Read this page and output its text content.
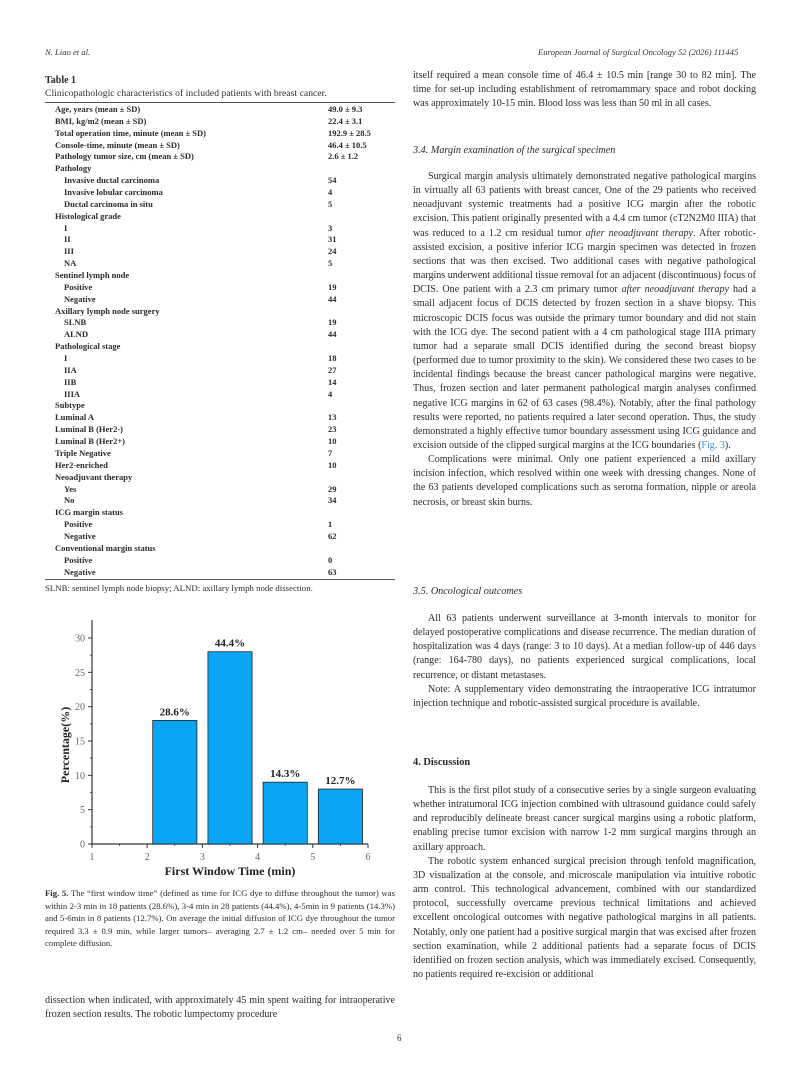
N. Liao et al.	European Journal of Surgical Oncology 52 (2026) 111445
Table 1
Clinicopathologic characteristics of included patients with breast cancer.
Age, years (mean ± SD)	49.0 ± 9.3
BMI, kg/m2 (mean ± SD)	22.4 ± 3.1
Total operation time, minute (mean ± SD)	192.9 ± 28.5
Console-time, minute (mean ± SD)	46.4 ± 10.5
Pathology tumor size, cm (mean ± SD)	2.6 ± 1.2
Pathology
Invasive ductal carcinoma	54
Invasive lobular carcinoma	4
Ductal carcinoma in situ	5
Histological grade
I	3
II	31
III	24
NA	5
Sentinel lymph node
Positive	19
Negative	44
Axillary lymph node surgery
SLNB	19
ALND	44
Pathological stage
I	18
IIA	27
IIB	14
IIIA	4
Subtype
Luminal A	13
Luminal B (Her2-)	23
Luminal B (Her2+)	10
Triple Negative	7
Her2-enriched	10
Neoadjuvant therapy
Yes	29
No	34
ICG margin status
Positive	1
Negative	62
Conventional margin status
Positive	0
Negative	63
SLNB: sentinel lymph node biopsy; ALND: axillary lymph node dissection.
0
5
10
15
20
25
30
1	2	3	4	5	6
28.6%
44.4%
14.3%
12.7%
First Window Time (min)
Percentage(%)
Fig. 5. The “first window time” (defined as time for ICG dye to diffuse throughout the tumor) was within 2-3 min in 18 patients (28.6%), 3-4 min in 28 patients (44.4%), 4-5min in 9 patients (14.3%) and 5-6min in 8 patients (12.7%). On average the initial diffusion of ICG dye throughout the tumor required 3.3 ± 0.9 min, while larger tumors– averaging 2.7 ± 1.2 cm– needed over 5 min for complete diffusion.

dissection when indicated, with approximately 45 min spent waiting for intraoperative frozen section results. The robotic lumpectomy procedure

itself required a mean console time of 46.4 ± 10.5 min [range 30 to 82 min]. The time for set-up including establishment of retromammary space and robot docking was approximately 10-15 min. Blood loss was less than 50 ml in all cases.

3.4. Margin examination of the surgical specimen

Surgical margin analysis ultimately demonstrated negative pathological margins in virtually all 63 patients with breast cancer, One of the 29 patients who received neoadjuvant systemic treatments had a positive ICG margin after the robotic excision. This patient originally presented with a 4.4 cm tumor (cT2N2M0 IIIA) that was reduced to a 1.2 cm residual tumor after neoadjuvant therapy. After robotic-assisted excision, a positive inferior ICG margin specimen was detected in frozen sections that was then excised. Two additional cases with negative pathological margins underwent additional tissue removal for an adjacent (discontinuous) focus of DCIS. One patient with a 2.3 cm primary tumor after neoadjuvant therapy had a small adjacent focus of DCIS detected by frozen section in a shave biopsy. This microscopic DCIS focus was outside the primary tumor boundary and did not stain with the ICG dye. The second patient with a 4 cm pathological stage IIIA primary tumor had a separate small DCIS identified during the second breast biopsy (performed due to tumor proximity to the skin). We considered these two cases to be incidental findings because the breast cancer pathological margins were negative. Thus, frozen section and later permanent pathological margin analyses confirmed negative ICG margins in 62 of 63 cases (98.4%). Notably, after the final pathology results were reported, no patients required a later second operation. Thus, the study demonstrated a highly effective tumor boundary assessment using ICG guidance and excision outside of the clipped surgical margins at the ICG boundaries (Fig. 3).

Complications were minimal. Only one patient experienced a mild axillary incision infection, which resolved within one week with dressing changes. None of the 63 patients developed complications such as seroma formation, nipple or areola necrosis, or breast skin burns.

3.5. Oncological outcomes

All 63 patients underwent surveillance at 3-month intervals to monitor for delayed postoperative complications and disease recurrence. The median duration of hospitalization was 4 days (range: 3 to 10 days). At a median follow-up of 446 days (range: 164-780 days), no patients experienced surgical complications, local recurrence, or distant metastases.

Note: A supplementary video demonstrating the intraoperative ICG intratumor injection technique and robotic-assisted surgical procedure is available.

4. Discussion

This is the first pilot study of a consecutive series by a single surgeon evaluating whether intratumoral ICG injection combined with ultrasound guidance could safely and reproducibly delineate breast cancer surgical margins using a robotic platform, enabling precise tumor excision with narrow 1-2 mm surgical margins through an axillary approach.

The robotic system enhanced surgical precision through tenfold magnification, 3D visualization at the console, and microscale manipulation via intuitive robotic arm control. This technological advancement, combined with our standardized protocol, successfully overcame previous technical limitations and achieved excellent oncological outcomes with negative pathological margins in all patients. Notably, only one patient had a positive surgical margin that was excised after frozen section examination, while 2 additional patients had a separate focus of DCIS identified on frozen section analysis, which was immediately excised. Consequently, no patients required re-excision or additional

6
